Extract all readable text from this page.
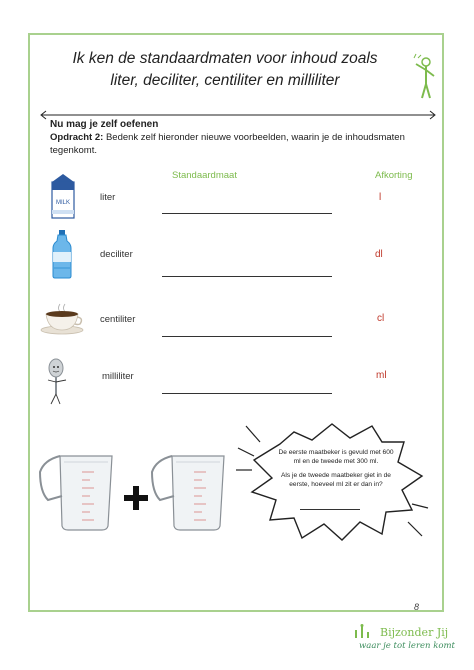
Ik ken de standaardmaten voor inhoud zoals
liter, deciliter, centiliter en milliliter
Nu mag je zelf oefenen
Opdracht 2: Bedenk zelf hieronder nieuwe voorbeelden, waarin je de inhoudsmaten tegenkomt.
Standaardmaat	Afkorting
MILK	liter	l
deciliter	dl
centiliter	cl
milliliter	ml
De eerste maatbeker is gevuld met 600 ml en de tweede met 300 ml.
Als je de tweede maatbeker giet in de eerste, hoeveel ml zit er dan in?
8
Bijzonder Jij
waar je tot leren komt
